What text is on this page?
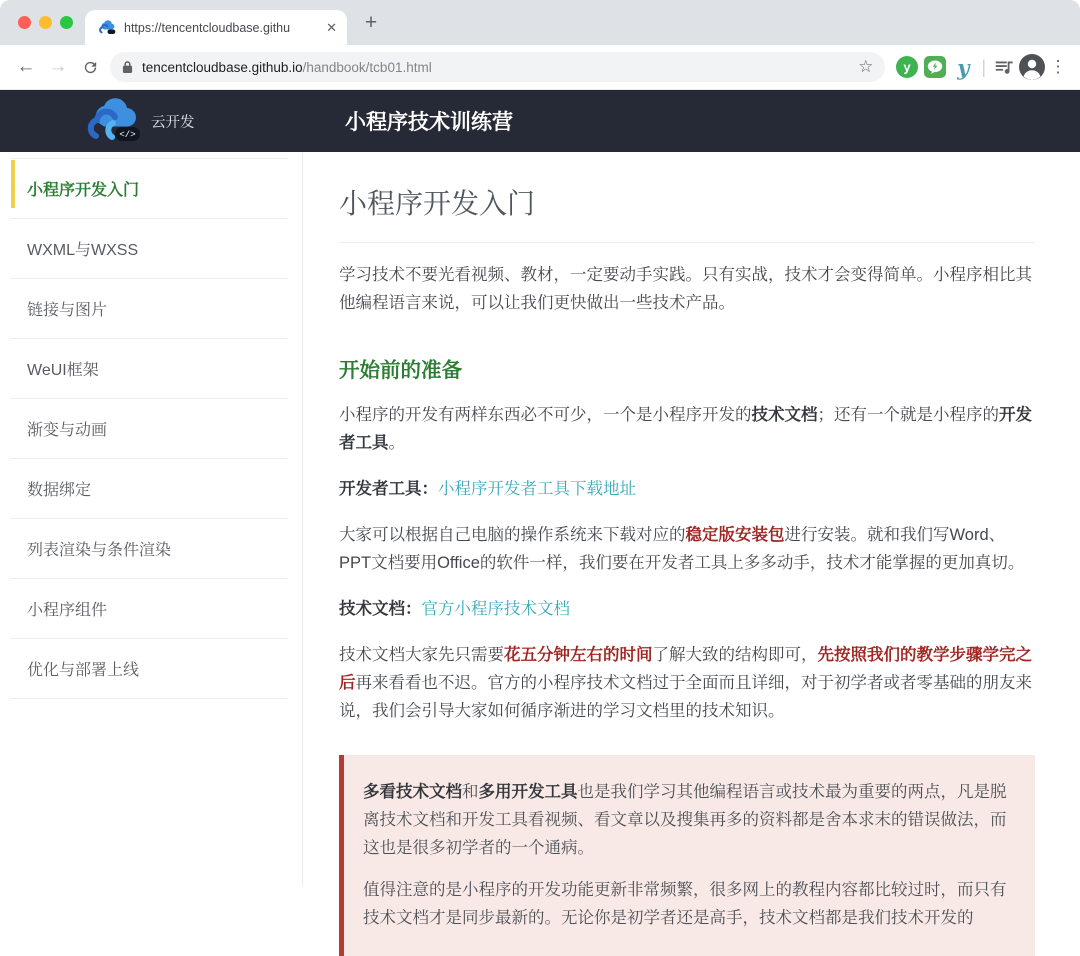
https://tencentcloudbase.githu	✕	+
← →	tencentcloudbase.github.io /handbook/tcb01.html	☆ y y |	⋮
</>
云开发	小程序技术训练营
小程序开发入门
WXML与WXSS
链接与图片
WeUI框架
渐变与动画
数据绑定
列表渲染与条件渲染
小程序组件
优化与部署上线
小程序开发入门

学习技术不要光看视频、教材，一定要动手实践。只有实战，技术才会变得简单。小程序相比其他编程语言来说，可以让我们更快做出一些技术产品。

开始前的准备

小程序的开发有两样东西必不可少，一个是小程序开发的技术文档；还有一个就是小程序的开发者工具。

开发者工具：小程序开发者工具下载地址

大家可以根据自己电脑的操作系统来下载对应的稳定版安装包进行安装。就和我们写Word、PPT文档要用Office的软件一样，我们要在开发者工具上多多动手，技术才能掌握的更加真切。

技术文档：官方小程序技术文档

技术文档大家先只需要花五分钟左右的时间了解大致的结构即可，先按照我们的教学步骤学完之后再来看看也不迟。官方的小程序技术文档过于全面而且详细，对于初学者或者零基础的朋友来说，我们会引导大家如何循序渐进的学习文档里的技术知识。

多看技术文档和多用开发工具也是我们学习其他编程语言或技术最为重要的两点，凡是脱离技术文档和开发工具看视频、看文章以及搜集再多的资料都是舍本求末的错误做法，而这也是很多初学者的一个通病。

值得注意的是小程序的开发功能更新非常频繁，很多网上的教程内容都比较过时，而只有技术文档才是同步最新的。无论你是初学者还是高手，技术文档都是我们技术开发的
